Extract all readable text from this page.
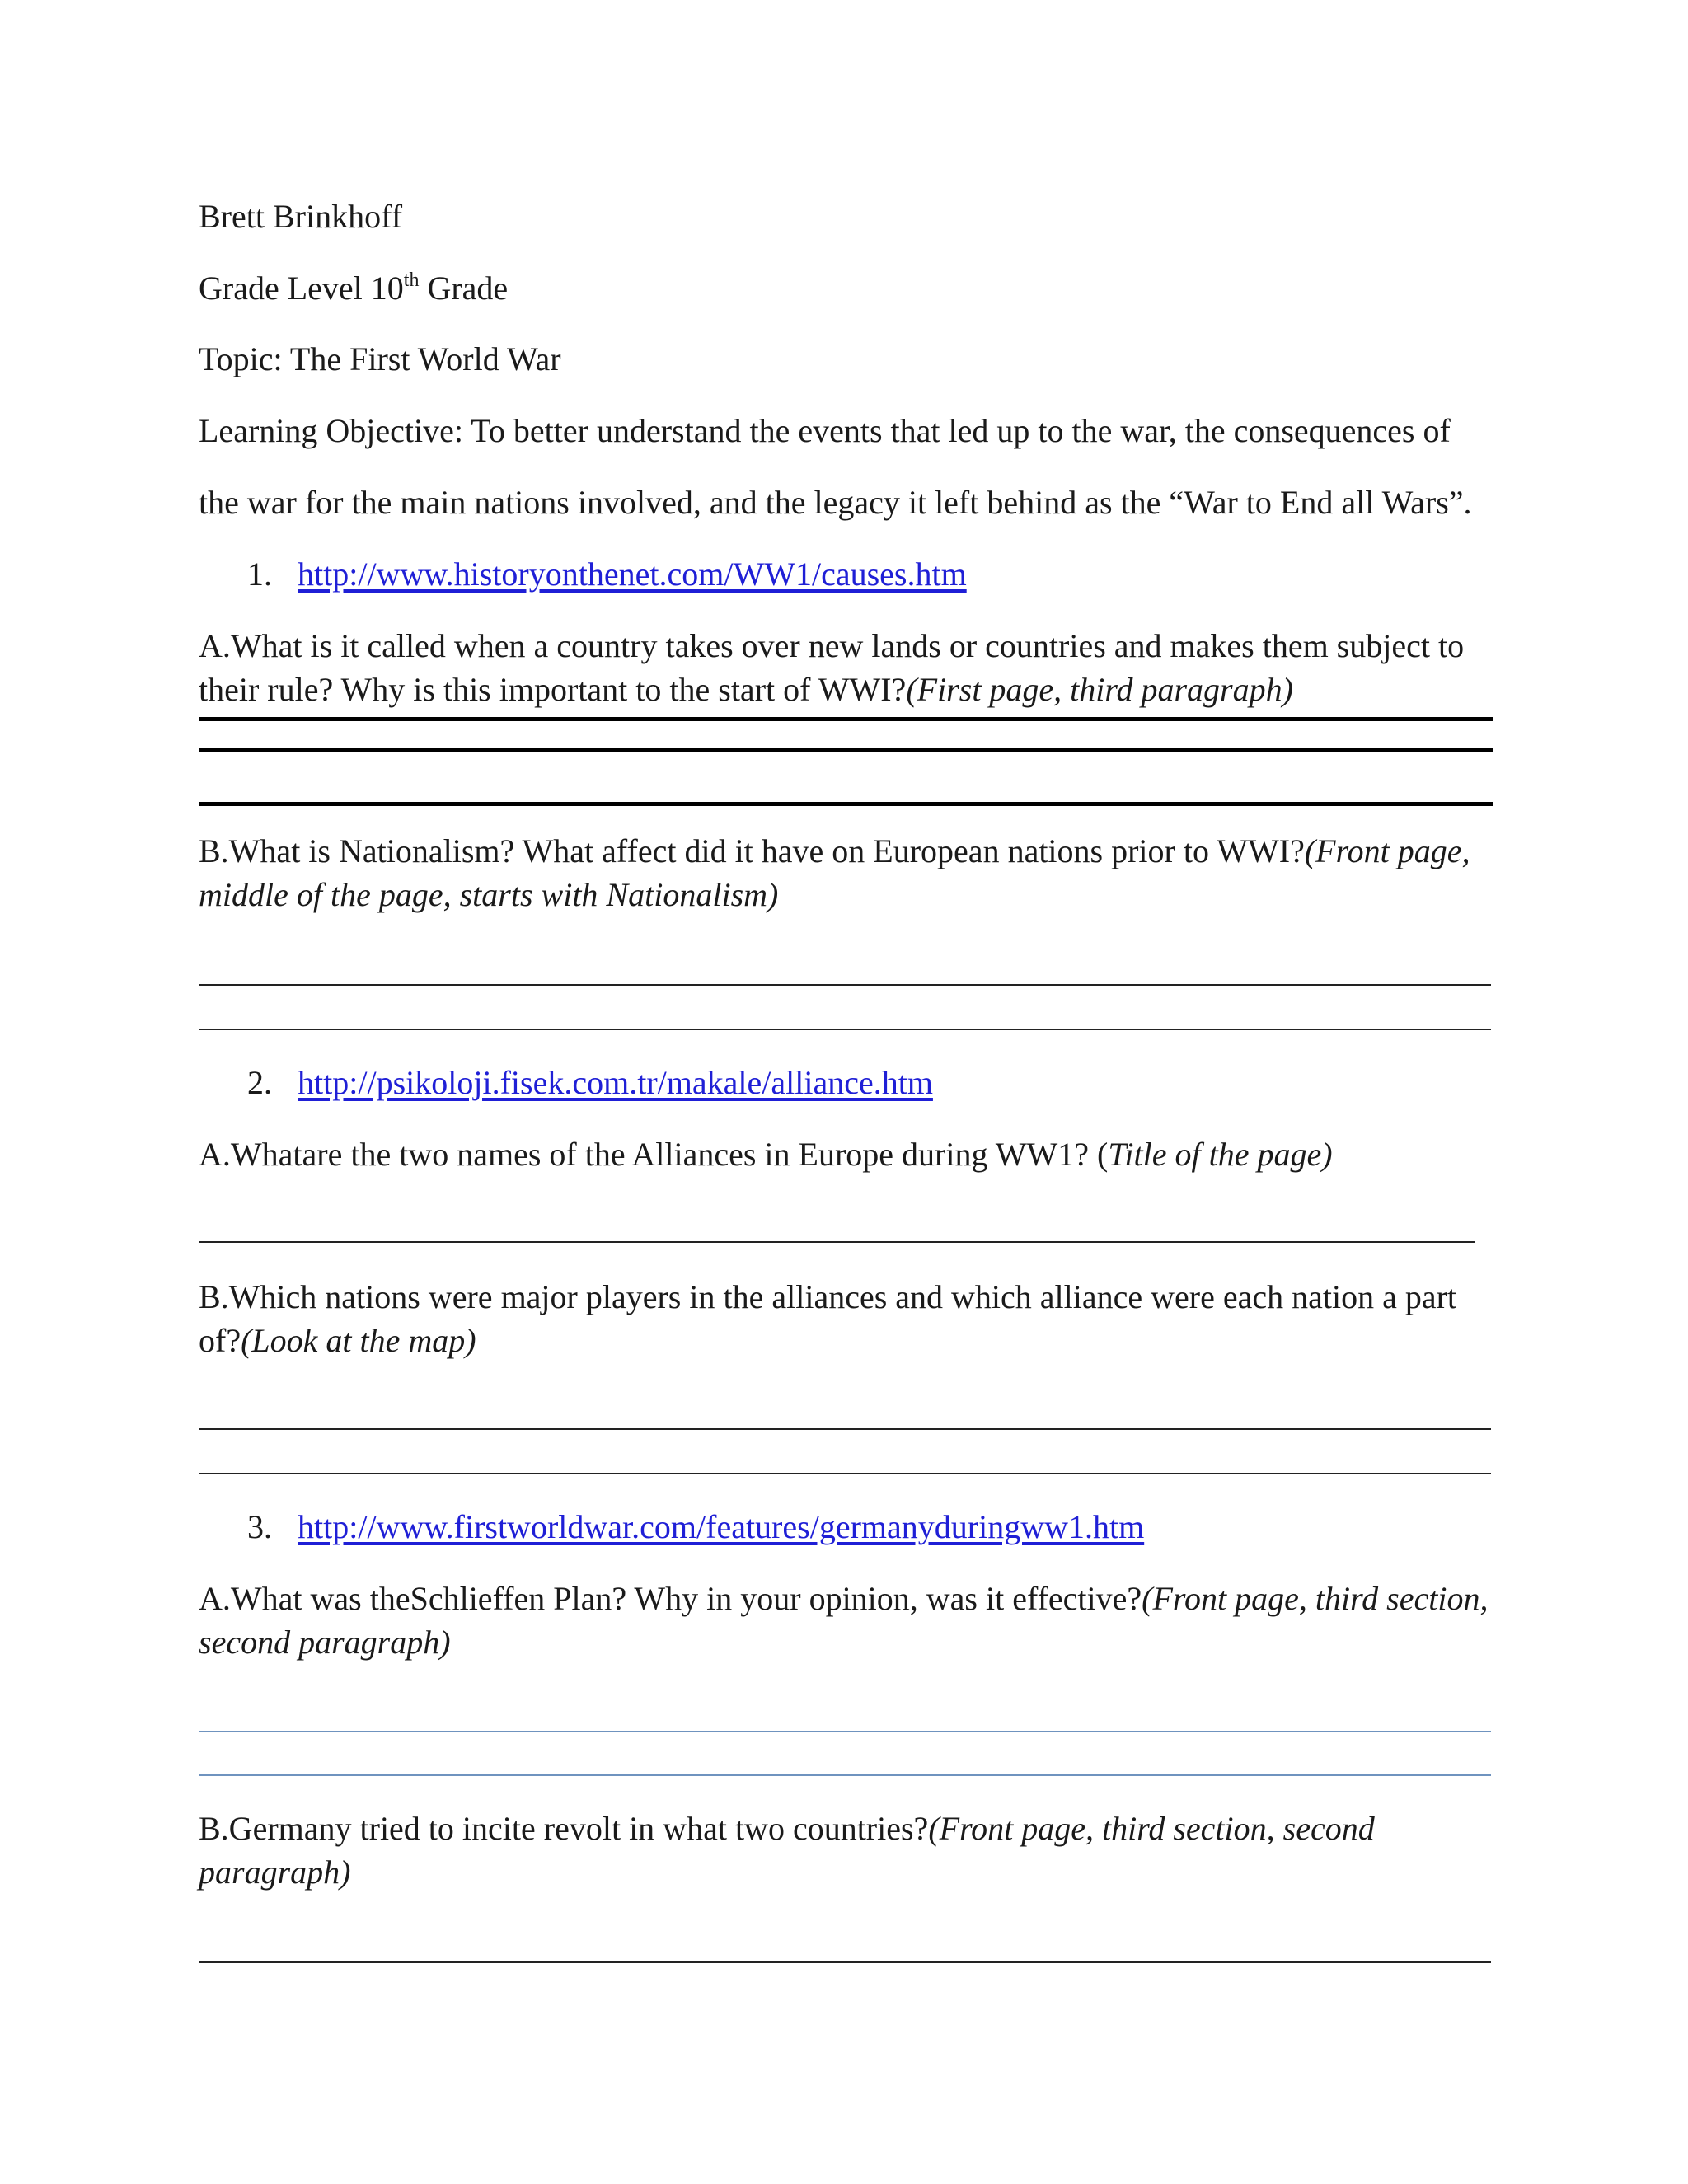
Brett Brinkhoff
Grade Level 10th Grade
Topic: The First World War
Learning Objective: To better understand the events that led up to the war, the consequences of
the war for the main nations involved, and the legacy it left behind as the “War to End all Wars”.
1. http://www.historyonthenet.com/WW1/causes.htm
A.What is it called when a country takes over new lands or countries and makes them subject to their rule? Why is this important to the start of WWI?(First page, third paragraph)
B.What is Nationalism? What affect did it have on European nations prior to WWI?(Front page, middle of the page, starts with Nationalism)
2. http://psikoloji.fisek.com.tr/makale/alliance.htm
A.Whatare the two names of the Alliances in Europe during WW1? (Title of the page)
B.Which nations were major players in the alliances and which alliance were each nation a part of?(Look at the map)
3. http://www.firstworldwar.com/features/germanyduringww1.htm
A.What was theSchlieffen Plan? Why in your opinion, was it effective?(Front page, third section, second paragraph)
B.Germany tried to incite revolt in what two countries?(Front page, third section, second paragraph)
